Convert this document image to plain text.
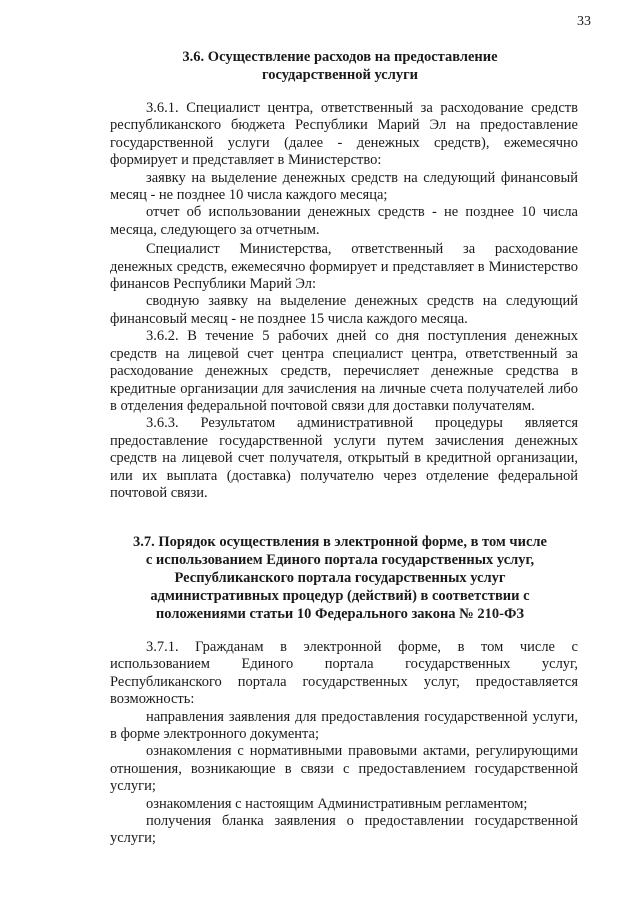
33
3.6. Осуществление расходов на предоставление
государственной услуги

3.6.1. Специалист центра, ответственный за расходование средств республиканского бюджета Республики Марий Эл на предоставление государственной услуги (далее - денежных средств), ежемесячно формирует и представляет в Министерство:

заявку на выделение денежных средств на следующий финансовый месяц - не позднее 10 числа каждого месяца;

отчет об использовании денежных средств - не позднее 10 числа месяца, следующего за отчетным.

Специалист Министерства, ответственный за расходование денежных средств, ежемесячно формирует и представляет в Министерство финансов Республики Марий Эл:

сводную заявку на выделение денежных средств на следующий финансовый месяц - не позднее 15 числа каждого месяца.

3.6.2. В течение 5 рабочих дней со дня поступления денежных средств на лицевой счет центра специалист центра, ответственный за расходование денежных средств, перечисляет денежные средства в кредитные организации для зачисления на личные счета получателей либо в отделения федеральной почтовой связи для доставки получателям.

3.6.3. Результатом административной процедуры является предоставление государственной услуги путем зачисления денежных средств на лицевой счет получателя, открытый в кредитной организации, или их выплата (доставка) получателю через отделение федеральной почтовой связи.

3.7. Порядок осуществления в электронной форме, в том числе
с использованием Единого портала государственных услуг,
Республиканского портала государственных услуг
административных процедур (действий) в соответствии с
положениями статьи 10 Федерального закона № 210-ФЗ

3.7.1. Гражданам в электронной форме, в том числе с использованием Единого портала государственных услуг, Республиканского портала государственных услуг, предоставляется возможность:

направления заявления для предоставления государственной услуги, в форме электронного документа;

ознакомления с нормативными правовыми актами, регулирующими отношения, возникающие в связи с предоставлением государственной услуги;

ознакомления с настоящим Административным регламентом;

получения бланка заявления о предоставлении государственной услуги;
